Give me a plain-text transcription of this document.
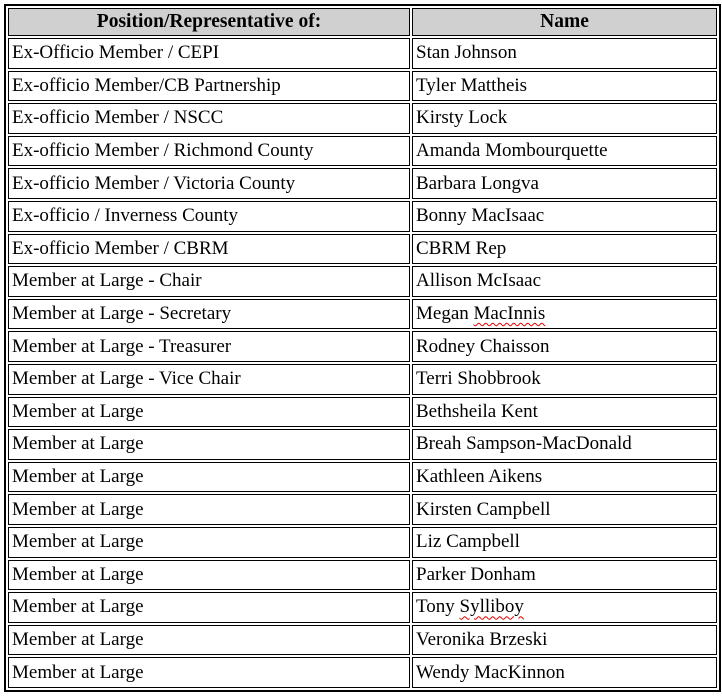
Position/Representative of:	Name
Ex-Officio Member / CEPI	Stan Johnson
Ex-officio Member/CB Partnership	Tyler Mattheis
Ex-officio Member / NSCC	Kirsty Lock
Ex-officio Member / Richmond County	Amanda Mombourquette
Ex-officio Member / Victoria County	Barbara Longva
Ex-officio / Inverness County	Bonny MacIsaac
Ex-officio Member / CBRM	CBRM Rep
Member at Large - Chair	Allison McIsaac
Member at Large - Secretary	Megan MacInnis
Member at Large - Treasurer	Rodney Chaisson
Member at Large - Vice Chair	Terri Shobbrook
Member at Large	Bethsheila Kent
Member at Large	Breah Sampson-MacDonald
Member at Large	Kathleen Aikens
Member at Large	Kirsten Campbell
Member at Large	Liz Campbell
Member at Large	Parker Donham
Member at Large	Tony Sylliboy
Member at Large	Veronika Brzeski
Member at Large	Wendy MacKinnon
